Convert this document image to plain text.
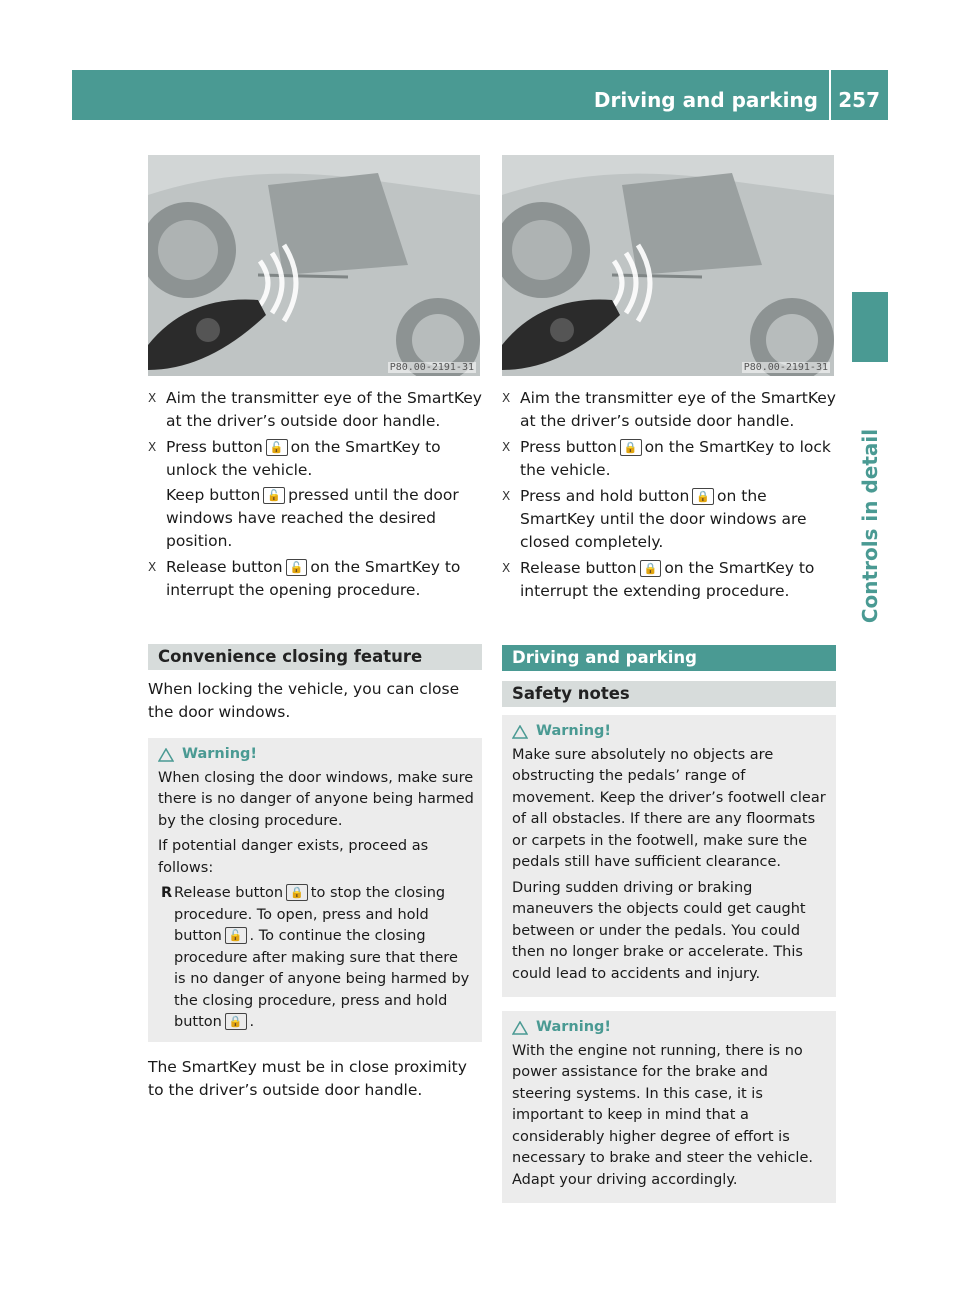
Driving and parking 257
Controls in detail
P80.00-2191-31	P80.00-2191-31
X Aim the transmitter eye of the SmartKey at the driver’s outside door handle.
X Press button 🔓 on the SmartKey to unlock the vehicle.
Keep button 🔓 pressed until the door windows have reached the desired position.
X Release button 🔓 on the SmartKey to interrupt the opening procedure.
Convenience closing feature

When locking the vehicle, you can close the door windows.

Warning!

When closing the door windows, make sure there is no danger of anyone being harmed by the closing procedure.

If potential danger exists, proceed as follows:

R Release button 🔒 to stop the closing procedure. To open, press and hold button 🔓 . To continue the closing procedure after making sure that there is no danger of anyone being harmed by the closing procedure, press and hold button 🔒 .

The SmartKey must be in close proximity to the driver’s outside door handle.

X Aim the transmitter eye of the SmartKey at the driver’s outside door handle.
X Press button 🔒 on the SmartKey to lock the vehicle.
X Press and hold button 🔒 on the SmartKey until the door windows are closed completely.
X Release button 🔒 on the SmartKey to interrupt the extending procedure.
Driving and parking
Safety notes
Warning!

Make sure absolutely no objects are obstructing the pedals’ range of movement. Keep the driver’s footwell clear of all obstacles. If there are any floormats or carpets in the footwell, make sure the pedals still have sufficient clearance.

During sudden driving or braking maneuvers the objects could get caught between or under the pedals. You could then no longer brake or accelerate. This could lead to accidents and injury.

Warning!

With the engine not running, there is no power assistance for the brake and steering systems. In this case, it is important to keep in mind that a considerably higher degree of effort is necessary to brake and steer the vehicle. Adapt your driving accordingly.
